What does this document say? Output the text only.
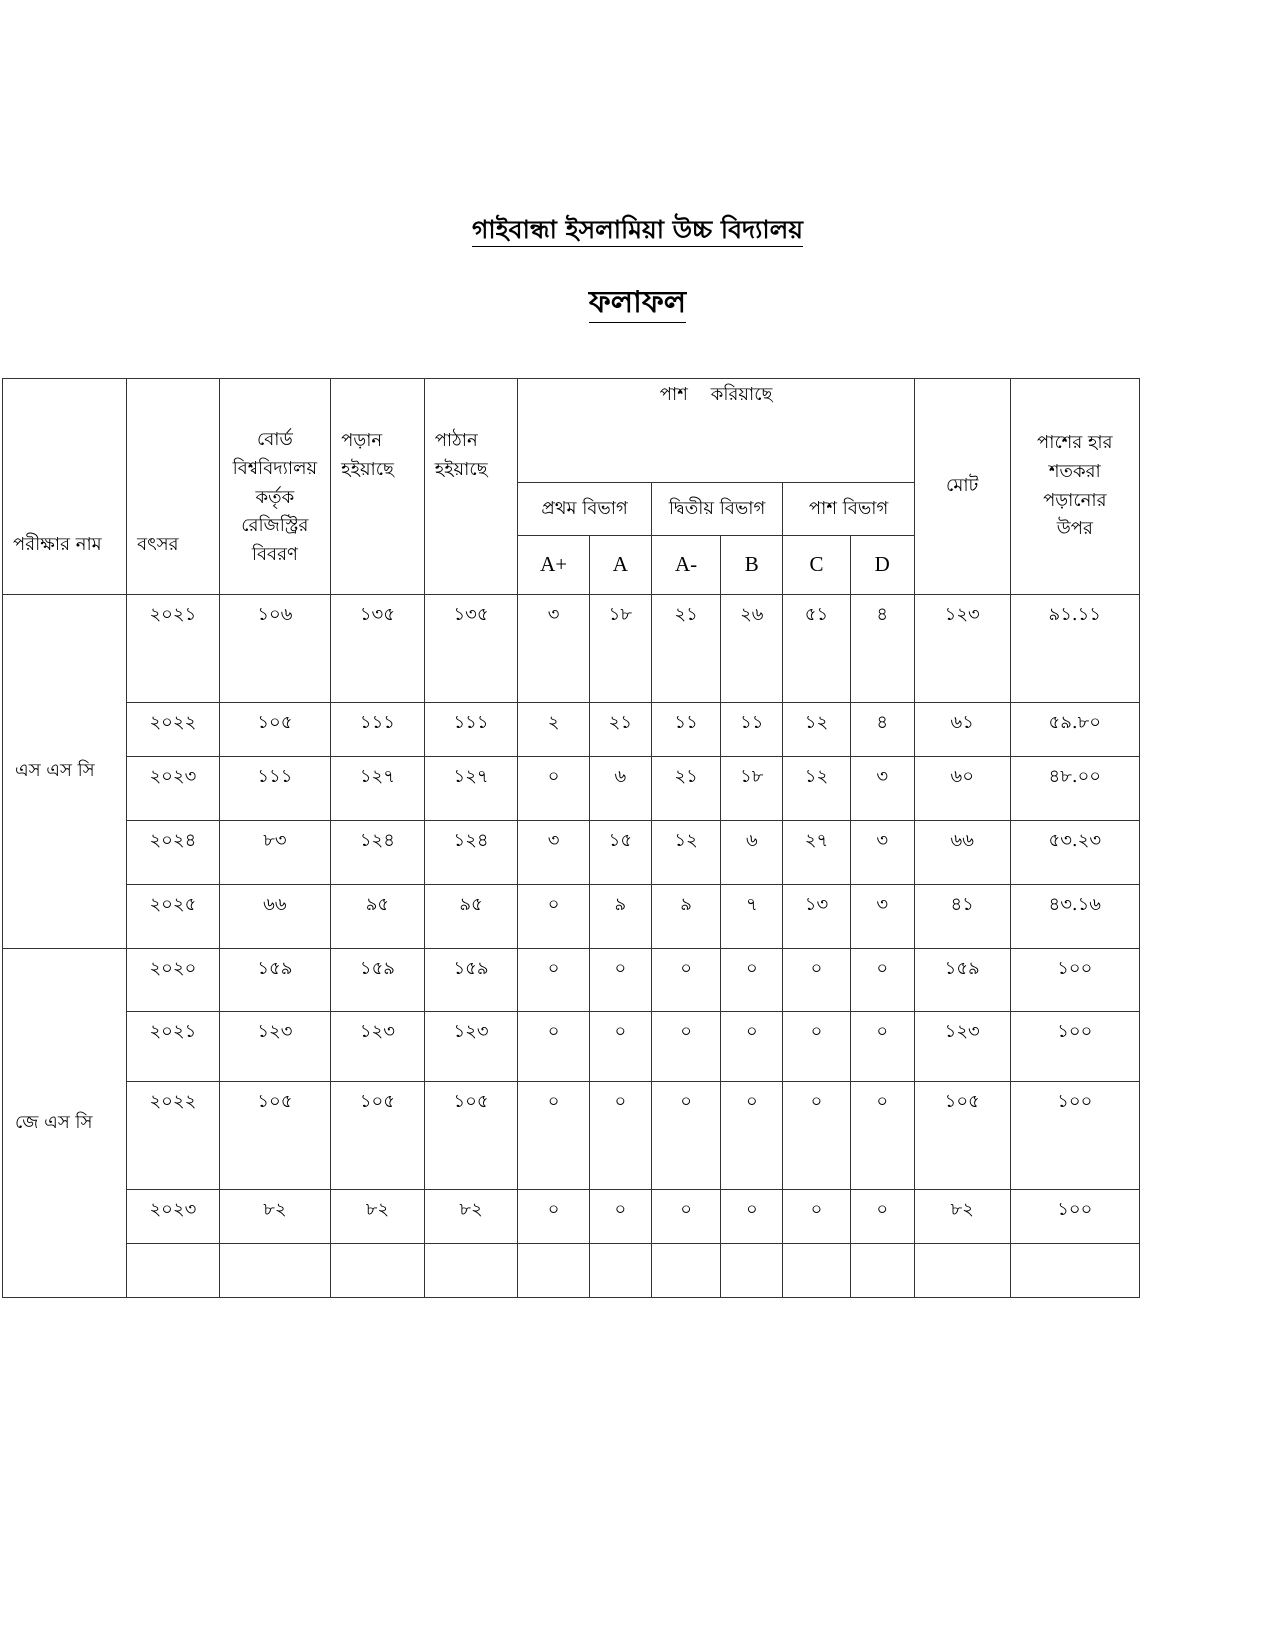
গাইবান্ধা ইসলামিয়া উচ্চ বিদ্যালয়
ফলাফল
পরীক্ষার নাম	বৎসর	বোর্ড বিশ্ববিদ্যালয় কর্তৃক রেজিস্ট্রির বিবরণ	পড়ান হইয়াছে	পাঠান হইয়াছে	পাশ    করিয়াছে						মোট	পাশের হার শতকরা পড়ানোর উপর
					প্রথম বিভাগ		দ্বিতীয় বিভাগ		পাশ বিভাগ			
					A+	A	A-	B	C	D		
এস এস সি	২০২১	১০৬	১৩৫	১৩৫	৩	১৮	২১	২৬	৫১	৪	১২৩	৯১.১১
	২০২২	১০৫	১১১	১১১	২	২১	১১	১১	১২	৪	৬১	৫৯.৮০
	২০২৩	১১১	১২৭	১২৭	০	৬	২১	১৮	১২	৩	৬০	৪৮.০০
	২০২৪	৮৩	১২৪	১২৪	৩	১৫	১২	৬	২৭	৩	৬৬	৫৩.২৩
	২০২৫	৬৬	৯৫	৯৫	০	৯	৯	৭	১৩	৩	৪১	৪৩.১৬
জে এস সি	২০২০	১৫৯	১৫৯	১৫৯	০	০	০	০	০	০	১৫৯	১০০
	২০২১	১২৩	১২৩	১২৩	০	০	০	০	০	০	১২৩	১০০
	২০২২	১০৫	১০৫	১০৫	০	০	০	০	০	০	১০৫	১০০
	২০২৩	৮২	৮২	৮২	০	০	০	০	০	০	৮২	১০০
